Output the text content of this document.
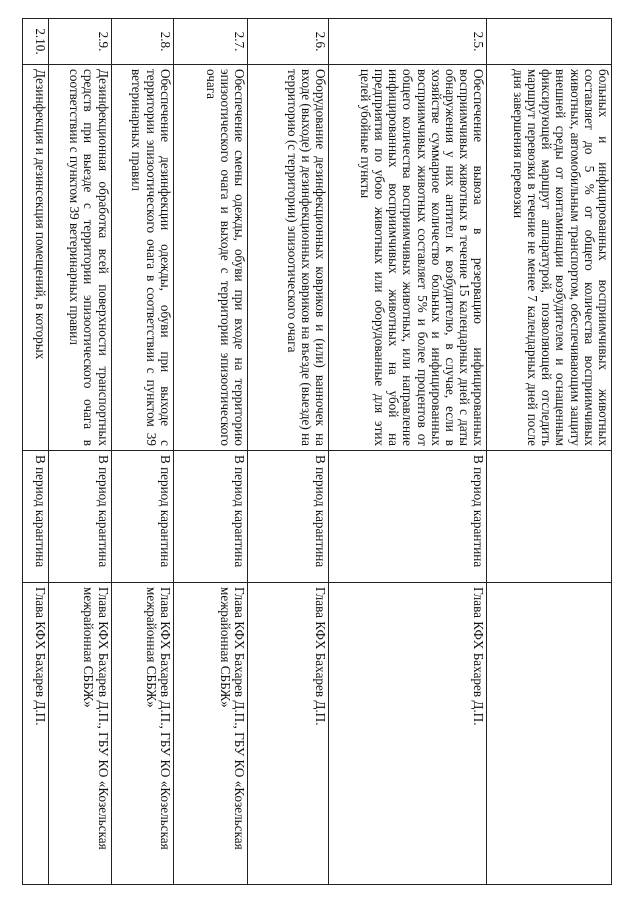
	больных и инфицированных восприимчивых животных составляет до 5 % от общего количества восприимчивых животных, автомобильным транспортом, обеспечивающим защиту внешней среды от контаминации возбудителем и оснащенным фиксирующей маршрут аппаратурой, позволяющей отследить маршрут перевозки в течение не менее 7 календарных дней после дня завершения перевозки		

2.5.	Обеспечение вывоза в резервацию инфицированных восприимчивых животных в течение 15 календарных дней с даты обнаружения у них антител к возбудителю, в случае, если в хозяйстве суммарное количество больных и инфицированных восприимчивых животных составляет 5% и более процентов от общего количества восприимчивых животных, или направление инфицированных восприимчивых животных на убой на предприятия по убою животных или оборудованные для этих целей убойные пункты	В период карантина	Глава КФХ Бахарев Д.П.
2.6.	Оборудование дезинфекционных ковриков и (или) ванночек на входе (выходе) и дезинфекционных ковриков на въезде (выезде) на территорию (с территории) эпизоотического очага	В период карантина	Глава КФХ Бахарев Д.П.
2.7.	Обеспечение смены одежды, обуви при входе на территорию эпизоотического очага и выходе с территории эпизоотического очага	В период карантина	Глава КФХ Бахарев Д.П., ГБУ КО «Козельская межрайонная СББЖ»
2.8.	Обеспечение дезинфекции одежды, обуви при выходе с территории эпизоотического очага в соответствии с пунктом 39 ветеринарных правил	В период карантина	Глава КФХ Бахарев Д.П., ГБУ КО «Козельская межрайонная СББЖ»
2.9.	Дезинфекционная обработка всей поверхности транспортных средств при выезде с территории эпизоотического очага в соответствии с пунктом 39 ветеринарных правил	В период карантина	Глава КФХ Бахарев Д.П., ГБУ КО «Козельская межрайонная СББЖ»
2.10.	Дезинфекция и дезинсекция помещений, в которых	В период карантина	Глава КФХ Бахарев Д.П.
